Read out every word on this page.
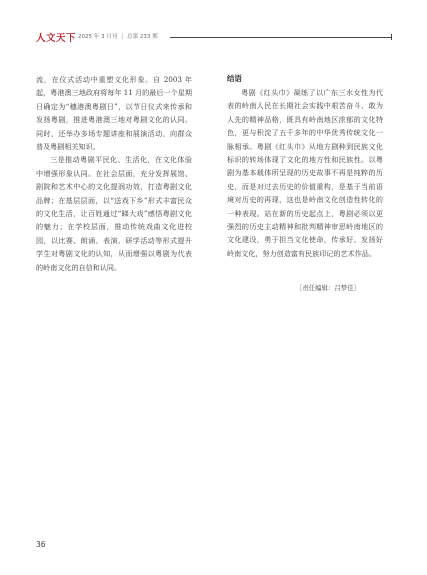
人文天下 2025 年 3 月刊 | 总第 233 期

流，在仪式活动中重塑文化形象。自 2003 年起，粤港澳三地政府将每年 11 月的最后一个星期日确定为“穗港澳粤剧日”，以节日仪式来传承和发扬粤剧，推进粤港澳三地对粤剧文化的认同。同时，还举办多场专题讲座和展演活动，向群众普及粤剧相关知识。

三是推动粤剧平民化、生活化，在文化体验中增强形象认同。在社会层面，充分发挥展馆、剧院和艺术中心的文化提润功效，打造粤剧文化品牌；在基层层面，以“送戏下乡”形式丰富民众的文化生活，让百姓通过“睇大戏”感悟粤剧文化的魅力；在学校层面，推动传统戏曲文化进校园，以比赛、朗诵、表演、研学活动等形式提升学生对粤剧文化的认知，从而增强以粤剧为代表的岭南文化的自信和认同。

结语

粤剧《红头巾》凝练了以广东三水女性为代表的岭南人民在长期社会实践中艰苦奋斗、敢为人先的精神品格，既具有岭南地区浓郁的文化特色，更与积淀了五千多年的中华优秀传统文化一脉相承。粤剧《红头巾》从地方剧种到民族文化标识的转场体现了文化的地方性和民族性。以粤剧为基本载体所呈现的历史故事不再是纯粹的历史，而是对过去历史的价值重构，是基于当前语境对历史的再现，这也是岭南文化创造性转化的一种表现。站在新的历史起点上，粤剧必须以更强烈的历史主动精神和批判精神审思岭南地区的文化建设，勇于担当文化使命，传承好、发扬好岭南文化，努力创造富有民族印记的艺术作品。

［责任编辑：吕梦佳］
36
